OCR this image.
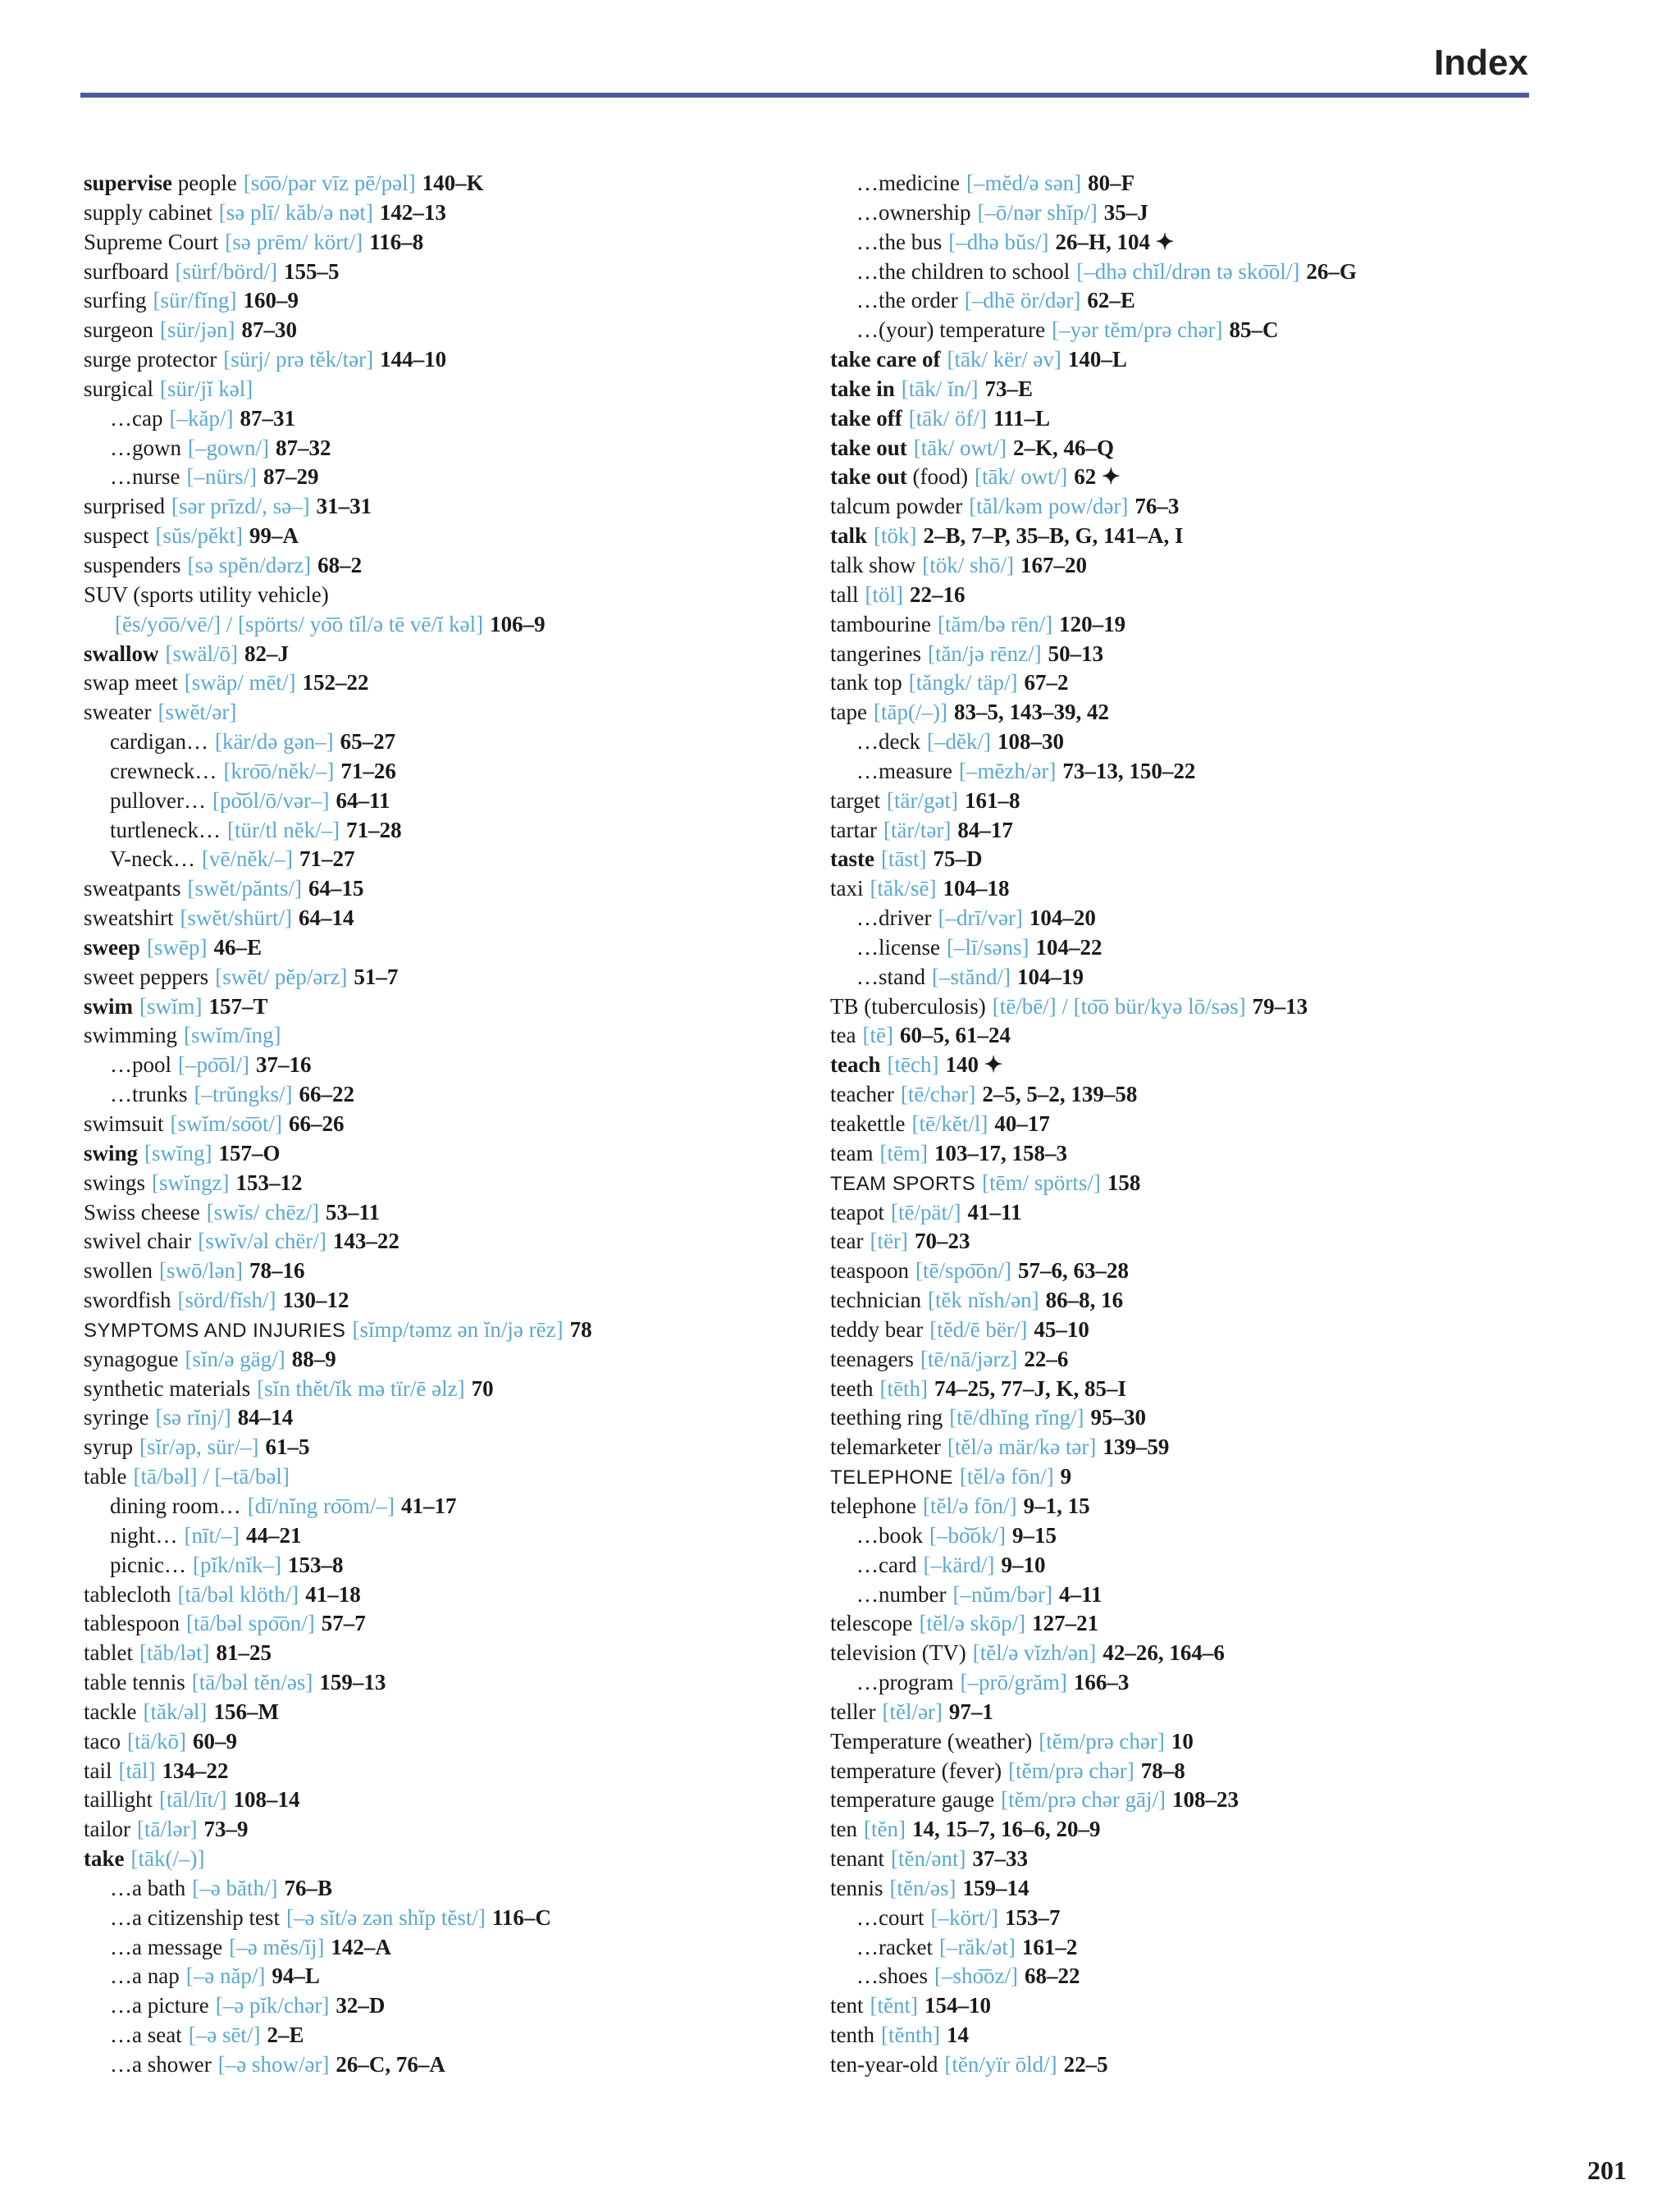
Index
supervise people [so͞o/pər vīz pē/pəl] 140–K
supply cabinet [sə plī/ kăb/ə nət] 142–13
Supreme Court [sə prēm/ kört/] 116–8
surfboard [sürf/börd/] 155–5
surfing [sür/fĭng] 160–9
surgeon [sür/jən] 87–30
surge protector [sürj/ prə tĕk/tər] 144–10
surgical [sür/jĭ kəl]
…cap [–kăp/] 87–31
…gown [–gown/] 87–32
…nurse [–nürs/] 87–29
surprised [sər prīzd/, sə–] 31–31
suspect [sŭs/pĕkt] 99–A
suspenders [sə spĕn/dərz] 68–2
SUV (sports utility vehicle)
[ĕs/yo͞o/vē/] / [spörts/ yo͞o tĭl/ə tē vē/ĭ kəl] 106–9
swallow [swäl/ō] 82–J
swap meet [swäp/ mēt/] 152–22
sweater [swĕt/ər]
cardigan… [kär/də gən–] 65–27
crewneck… [kro͞o/nĕk/–] 71–26
pullover… [po͝ol/ō/vər–] 64–11
turtleneck… [tür/tl nĕk/–] 71–28
V-neck… [vē/nĕk/–] 71–27
sweatpants [swĕt/pănts/] 64–15
sweatshirt [swĕt/shürt/] 64–14
sweep [swēp] 46–E
sweet peppers [swēt/ pĕp/ərz] 51–7
swim [swĭm] 157–T
swimming [swĭm/ĭng]
…pool [–po͞ol/] 37–16
…trunks [–trŭngks/] 66–22
swimsuit [swĭm/so͞ot/] 66–26
swing [swĭng] 157–O
swings [swĭngz] 153–12
Swiss cheese [swĭs/ chēz/] 53–11
swivel chair [swĭv/əl chër/] 143–22
swollen [swō/lən] 78–16
swordfish [sörd/fĭsh/] 130–12
SYMPTOMS AND INJURIES [sĭmp/təmz ən ĭn/jə rēz] 78
synagogue [sĭn/ə gäg/] 88–9
synthetic materials [sĭn thĕt/ĭk mə tïr/ē əlz] 70
syringe [sə rĭnj/] 84–14
syrup [sĭr/əp, sür/–] 61–5
table [tā/bəl] / [–tā/bəl]
dining room… [dī/nĭng ro͞om/–] 41–17
night… [nīt/–] 44–21
picnic… [pĭk/nĭk–] 153–8
tablecloth [tā/bəl klöth/] 41–18
tablespoon [tā/bəl spo͞on/] 57–7
tablet [tăb/lət] 81–25
table tennis [tā/bəl tĕn/əs] 159–13
tackle [tăk/əl] 156–M
taco [tä/kō] 60–9
tail [tāl] 134–22
taillight [tāl/līt/] 108–14
tailor [tā/lər] 73–9
take [tāk(/–)]
…a bath [–ə băth/] 76–B
…a citizenship test [–ə sĭt/ə zən shĭp tĕst/] 116–C
…a message [–ə mĕs/ĭj] 142–A
…a nap [–ə năp/] 94–L
…a picture [–ə pĭk/chər] 32–D
…a seat [–ə sēt/] 2–E
…a shower [–ə show/ər] 26–C, 76–A
…medicine [–mĕd/ə sən] 80–F
…ownership [–ō/nər shĭp/] 35–J
…the bus [–dhə bŭs/] 26–H, 104 ✦
…the children to school [–dhə chĭl/drən tə sko͞ol/] 26–G
…the order [–dhē ör/dər] 62–E
…(your) temperature [–yər tĕm/prə chər] 85–C
take care of [tāk/ kër/ əv] 140–L
take in [tāk/ ĭn/] 73–E
take off [tāk/ öf/] 111–L
take out [tāk/ owt/] 2–K, 46–Q
take out (food) [tāk/ owt/] 62 ✦
talcum powder [tăl/kəm pow/dər] 76–3
talk [tök] 2–B, 7–P, 35–B, G, 141–A, I
talk show [tök/ shō/] 167–20
tall [töl] 22–16
tambourine [tăm/bə rēn/] 120–19
tangerines [tăn/jə rēnz/] 50–13
tank top [tăngk/ täp/] 67–2
tape [tāp(/–)] 83–5, 143–39, 42
…deck [–dĕk/] 108–30
…measure [–mĕzh/ər] 73–13, 150–22
target [tär/gət] 161–8
tartar [tär/tər] 84–17
taste [tāst] 75–D
taxi [tăk/sē] 104–18
…driver [–drī/vər] 104–20
…license [–lī/səns] 104–22
…stand [–stănd/] 104–19
TB (tuberculosis) [tē/bē/] / [to͞o bür/kyə lō/səs] 79–13
tea [tē] 60–5, 61–24
teach [tēch] 140 ✦
teacher [tē/chər] 2–5, 5–2, 139–58
teakettle [tē/kĕt/l] 40–17
team [tēm] 103–17, 158–3
TEAM SPORTS [tēm/ spörts/] 158
teapot [tē/pät/] 41–11
tear [tër] 70–23
teaspoon [tē/spo͞on/] 57–6, 63–28
technician [tĕk nĭsh/ən] 86–8, 16
teddy bear [tĕd/ē bër/] 45–10
teenagers [tē/nā/jərz] 22–6
teeth [tēth] 74–25, 77–J, K, 85–I
teething ring [tē/dhĭng rĭng/] 95–30
telemarketer [tĕl/ə mär/kə tər] 139–59
TELEPHONE [tĕl/ə fōn/] 9
telephone [tĕl/ə fōn/] 9–1, 15
…book [–bo͝ok/] 9–15
…card [–kärd/] 9–10
…number [–nŭm/bər] 4–11
telescope [tĕl/ə skōp/] 127–21
television (TV) [tĕl/ə vĭzh/ən] 42–26, 164–6
…program [–prō/grăm] 166–3
teller [tĕl/ər] 97–1
Temperature (weather) [tĕm/prə chər] 10
temperature (fever) [tĕm/prə chər] 78–8
temperature gauge [tĕm/prə chər gāj/] 108–23
ten [tĕn] 14, 15–7, 16–6, 20–9
tenant [tĕn/ənt] 37–33
tennis [tĕn/əs] 159–14
…court [–kört/] 153–7
…racket [–răk/ət] 161–2
…shoes [–sho͞oz/] 68–22
tent [tĕnt] 154–10
tenth [tĕnth] 14
ten-year-old [tĕn/yïr ōld/] 22–5
201
